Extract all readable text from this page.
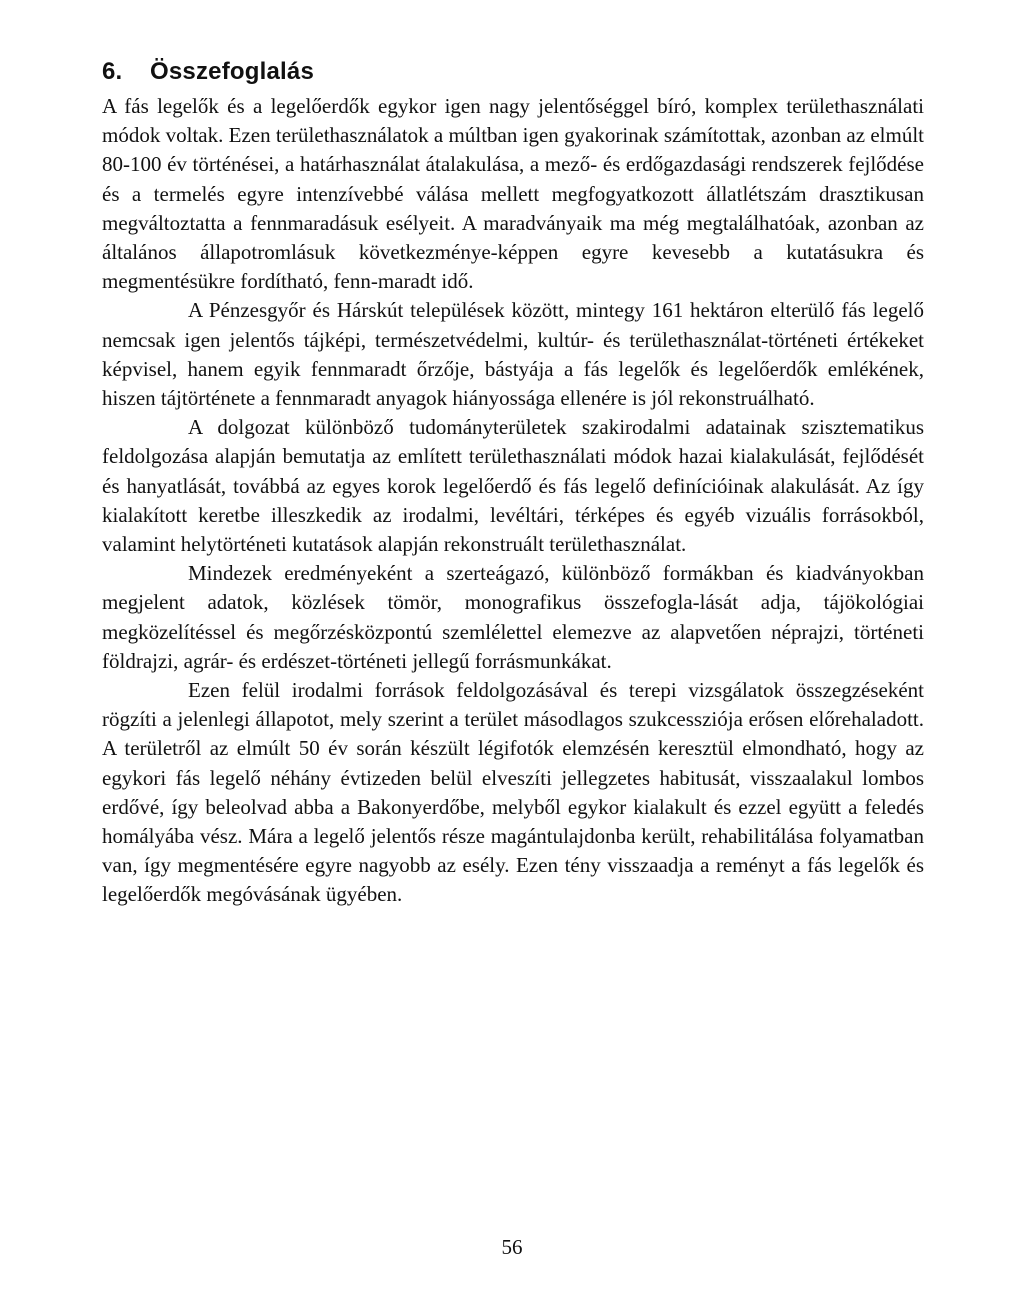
6. Összefoglalás

A fás legelők és a legelőerdők egykor igen nagy jelentőséggel bíró, komplex területhasználati módok voltak. Ezen területhasználatok a múltban igen gyakorinak számítottak, azonban az elmúlt 80-100 év történései, a határhasználat átalakulása, a mező- és erdőgazdasági rendszerek fejlődése és a termelés egyre intenzívebbé válása mellett megfogyatkozott állatlétszám drasztikusan megváltoztatta a fennmaradásuk esélyeit. A maradványaik ma még megtalálhatóak, azonban az általános állapotromlásuk következménye-képpen egyre kevesebb a kutatásukra és megmentésükre fordítható, fenn-maradt idő.

A Pénzesgyőr és Hárskút települések között, mintegy 161 hektáron elterülő fás legelő nemcsak igen jelentős tájképi, természetvédelmi, kultúr- és területhasználat-történeti értékeket képvisel, hanem egyik fennmaradt őrzője, bástyája a fás legelők és legelőerdők emlékének, hiszen tájtörténete a fennmaradt anyagok hiányossága ellenére is jól rekonstruálható.

A dolgozat különböző tudományterületek szakirodalmi adatainak szisztematikus feldolgozása alapján bemutatja az említett területhasználati módok hazai kialakulását, fejlődését és hanyatlását, továbbá az egyes korok legelőerdő és fás legelő definícióinak alakulását. Az így kialakított keretbe illeszkedik az irodalmi, levéltári, térképes és egyéb vizuális forrásokból, valamint helytörténeti kutatások alapján rekonstruált területhasználat.

Mindezek eredményeként a szerteágazó, különböző formákban és kiadványokban megjelent adatok, közlések tömör, monografikus összefogla-lását adja, tájökológiai megközelítéssel és megőrzésközpontú szemlélettel elemezve az alapvetően néprajzi, történeti földrajzi, agrár- és erdészet-történeti jellegű forrásmunkákat.

Ezen felül irodalmi források feldolgozásával és terepi vizsgálatok összegzéseként rögzíti a jelenlegi állapotot, mely szerint a terület másodlagos szukcessziója erősen előrehaladott. A területről az elmúlt 50 év során készült légifotók elemzésén keresztül elmondható, hogy az egykori fás legelő néhány évtizeden belül elveszíti jellegzetes habitusát, visszaalakul lombos erdővé, így beleolvad abba a Bakonyerdőbe, melyből egykor kialakult és ezzel együtt a feledés homályába vész. Mára a legelő jelentős része magántulajdonba került, rehabilitálása folyamatban van, így megmentésére egyre nagyobb az esély. Ezen tény visszaadja a reményt a fás legelők és legelőerdők megóvásának ügyében.

56
